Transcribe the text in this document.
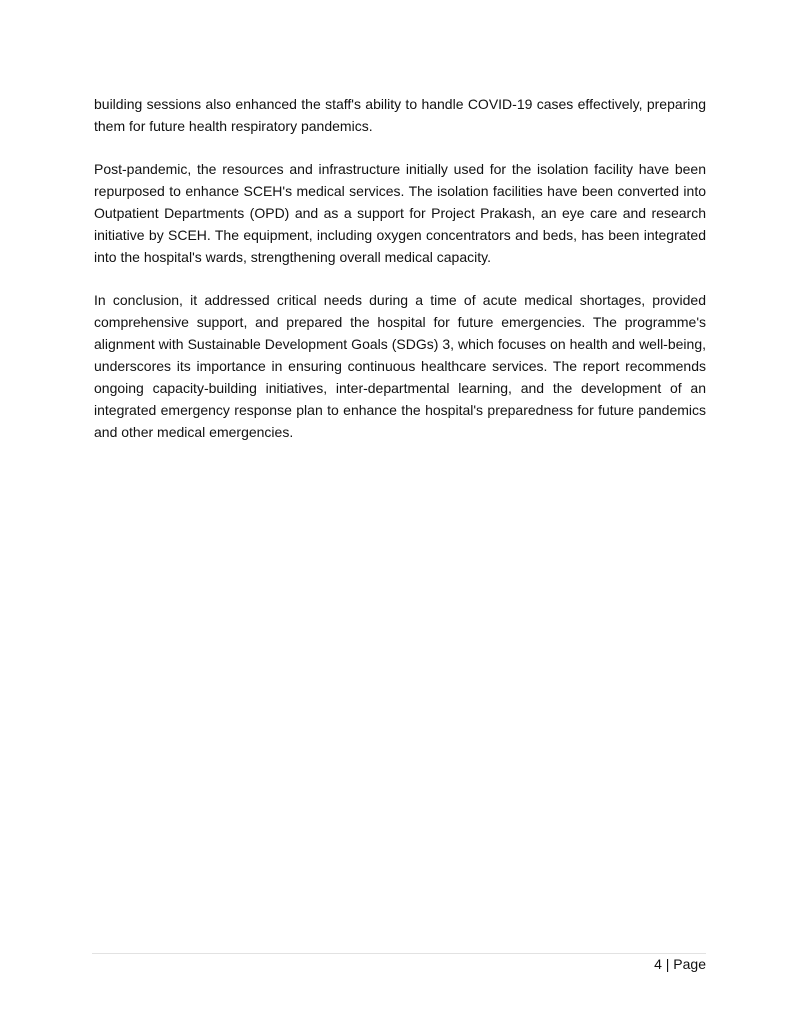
building sessions also enhanced the staff's ability to handle COVID-19 cases effectively, preparing them for future health respiratory pandemics.

Post-pandemic, the resources and infrastructure initially used for the isolation facility have been repurposed to enhance SCEH's medical services. The isolation facilities have been converted into Outpatient Departments (OPD) and as a support for Project Prakash, an eye care and research initiative by SCEH. The equipment, including oxygen concentrators and beds, has been integrated into the hospital's wards, strengthening overall medical capacity.

In conclusion, it addressed critical needs during a time of acute medical shortages, provided comprehensive support, and prepared the hospital for future emergencies. The programme's alignment with Sustainable Development Goals (SDGs) 3, which focuses on health and well-being, underscores its importance in ensuring continuous healthcare services. The report recommends ongoing capacity-building initiatives, inter-departmental learning, and the development of an integrated emergency response plan to enhance the hospital's preparedness for future pandemics and other medical emergencies.

4 | Page
